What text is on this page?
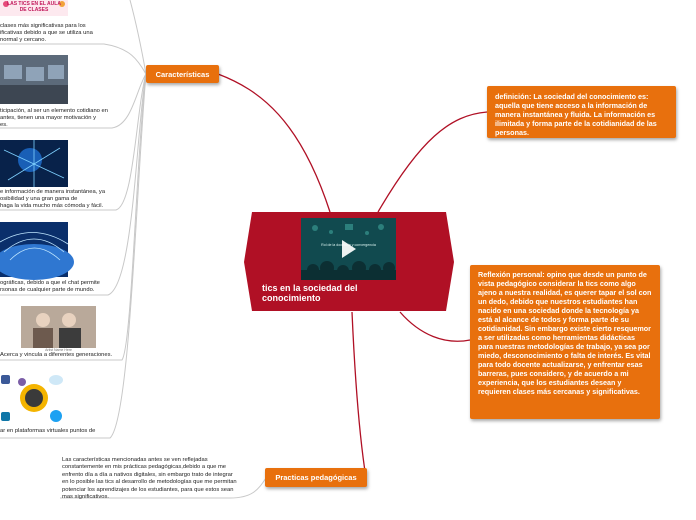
Rol de la docencia y convergencia
tics en la sociedad del conocimiento
Características
Practicas pedagógicas
definición: La sociedad del conocimiento es: aquella que tiene acceso a la información de manera instantánea y fluida. La información es ilimitada y forma parte de la cotidianidad de las personas.
Reflexión personal: opino que desde un punto de vista pedagógico considerar la tics como algo ajeno a nuestra realidad, es querer tapar el sol con un dedo, debido que nuestros estudiantes han nacido en una sociedad donde la tecnología ya está al alcance de todos y forma parte de su cotidianidad. Sin embargo existe cierto resquemor a ser utilizadas como herramientas didácticas para nuestras metodologías de trabajo, ya sea por miedo, desconocimiento o falta de interés. Es vital para todo docente actualizarse, y enfrentar esas barreras, pues considero, y de acuerdo a mi experiencia, que los estudiantes desean y requieren clases más cercanas y significativas.
LAS TICS EN EL AULA
DE CLASES
clases más significativas para los
ificativas debido a que se utiliza una
normal y cercano.
ticipación, al ser un elemento cotidiano en
antes, tienen una mayor motivación y
es.
e información de manera instantánea, ya
osibilidad y una gran gama de
haga la vida mucho más cómoda y fácil.
ográficas, debido a que el chat permite
rsonas de cualquier parte de mundo.
Artist Name Here
Acerca y vincula a diferentes generaciones.
ar en plataformas virtuales puntos de
Las características mencionadas antes se ven reflejadas constantemente en mis prácticas pedagógicas,debido a que me enfrento día a día a nativos digitales, sin embargo trato de integrar en lo posible las tics al desarrollo de metodologías que me permitan potenciar los aprendizajes de los estudiantes, para que estos sean mas significativos.
